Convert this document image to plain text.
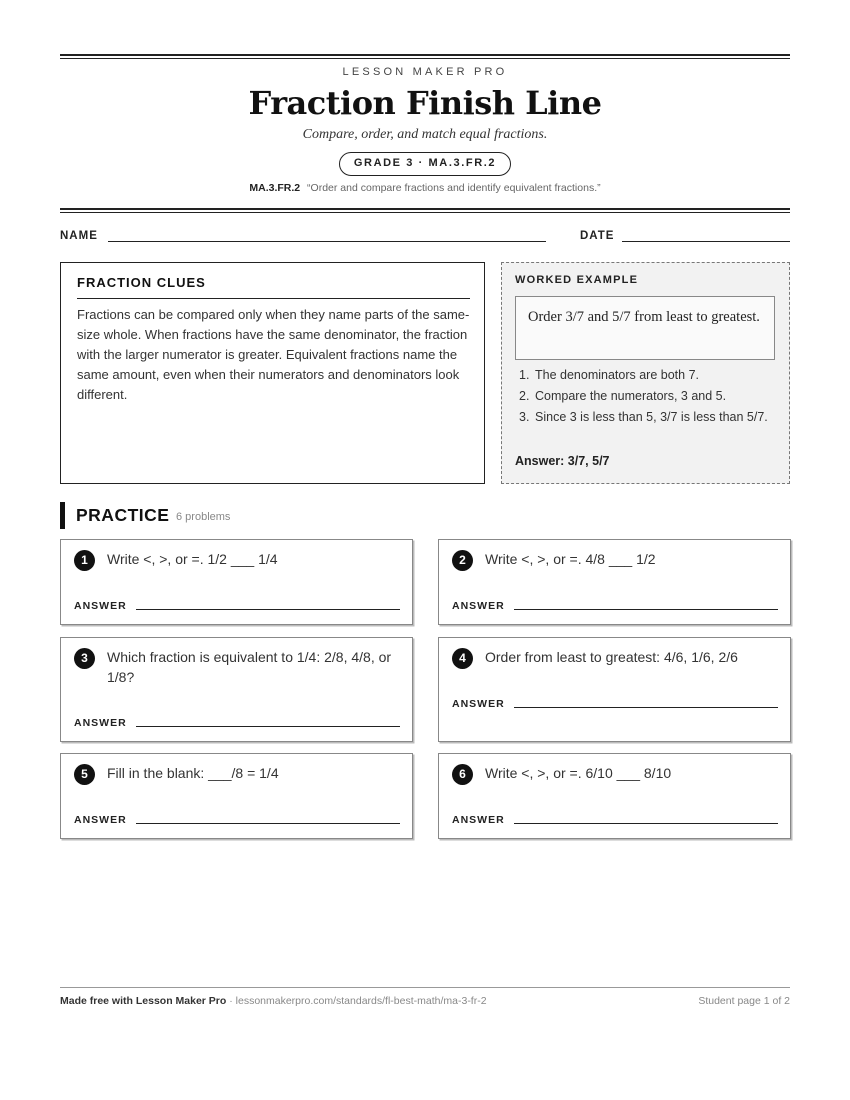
LESSON MAKER PRO
Fraction Finish Line
Compare, order, and match equal fractions.
GRADE 3 · MA.3.FR.2
MA.3.FR.2 “Order and compare fractions and identify equivalent fractions.”
NAME	DATE
FRACTION CLUES
Fractions can be compared only when they name parts of the same-size whole. When fractions have the same denominator, the fraction with the larger numerator is greater. Equivalent fractions name the same amount, even when their numerators and denominators look different.
WORKED EXAMPLE
Order 3/7 and 5/7 from least to greatest.
1. The denominators are both 7.
2. Compare the numerators, 3 and 5.
3. Since 3 is less than 5, 3/7 is less than 5/7.
Answer: 3/7, 5/7
PRACTICE 6 problems
1	Write <, >, or =. 1/2 ___ 1/4
ANSWER
2	Write <, >, or =. 4/8 ___ 1/2
ANSWER
3	Which fraction is equivalent to 1/4: 2/8, 4/8, or 1/8?
ANSWER
4	Order from least to greatest: 4/6, 1/6, 2/6
ANSWER
5	Fill in the blank: ___/8 = 1/4
ANSWER
6	Write <, >, or =. 6/10 ___ 8/10
ANSWER
Made free with Lesson Maker Pro · lessonmakerpro.com/standards/fl-best-math/ma-3-fr-2	Student page 1 of 2
